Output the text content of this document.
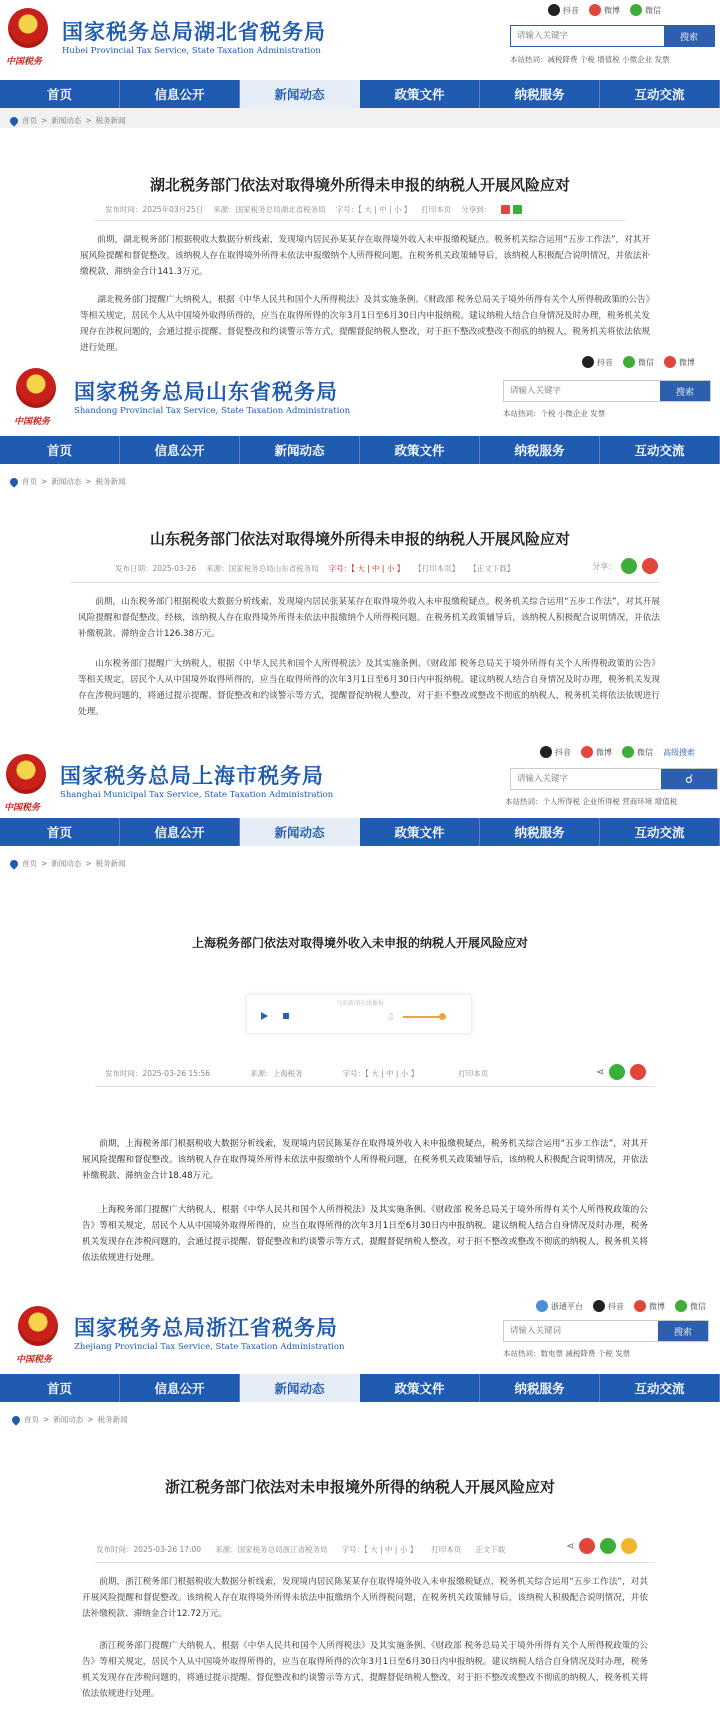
中国税务
国家税务总局湖北省税务局
Hubei Provincial Tax Service, State Taxation Administration
抖音	微博	微信
请输入关键字
搜索
本站热词：减税降费 个税 增值税 小微企业 发票
首页	信息公开	新闻动态	政策文件	纳税服务	互动交流
首页 > 新闻动态 > 税务新闻
湖北税务部门依法对取得境外所得未申报的纳税人开展风险应对
发布时间：2025年03月25日 来源：国家税务总局湖北省税务局 字号：【 大 | 中 | 小 】 打印本页 分享到：
前期，湖北税务部门根据税收大数据分析线索，发现境内居民孙某某存在取得境外收入未申报缴税疑点。税务机关综合运用“五步工作法”，对其开展风险提醒和督促整改。该纳税人存在取得境外所得未依法申报缴纳个人所得税问题。在税务机关政策辅导后，该纳税人积极配合说明情况，并依法补缴税款、滞纳金合计141.3万元。
湖北税务部门提醒广大纳税人，根据《中华人民共和国个人所得税法》及其实施条例、《财政部 税务总局关于境外所得有关个人所得税政策的公告》等相关规定，居民个人从中国境外取得所得的，应当在取得所得的次年3月1日至6月30日内申报纳税。建议纳税人结合自身情况及时办理，税务机关发现存在涉税问题的，会通过提示提醒、督促整改和约谈警示等方式，提醒督促纳税人整改，对于拒不整改或整改不彻底的纳税人，税务机关将依法依规进行处理。
中国税务
国家税务总局山东省税务局
Shandong Provincial Tax Service, State Taxation Administration
抖音	微信	微博
请输入关键字
搜索
本站热词：个税 小微企业 发票
首页	信息公开	新闻动态	政策文件	纳税服务	互动交流
首页 > 新闻动态 > 税务新闻
山东税务部门依法对取得境外所得未申报的纳税人开展风险应对
发布日期：2025-03-26 来源：国家税务总局山东省税务局 字号：【 大 | 中 | 小 】 【打印本页】 【正文下载】	分享：
前期，山东税务部门根据税收大数据分析线索，发现境内居民张某某存在取得境外收入未申报缴税疑点。税务机关综合运用“五步工作法”，对其开展风险提醒和督促整改。经核，该纳税人存在取得境外所得未依法申报缴纳个人所得税问题。在税务机关政策辅导后，该纳税人积极配合说明情况，并依法补缴税款、滞纳金合计126.38万元。
山东税务部门提醒广大纳税人，根据《中华人民共和国个人所得税法》及其实施条例、《财政部 税务总局关于境外所得有关个人所得税政策的公告》等相关规定，居民个人从中国境外取得所得的，应当在取得所得的次年3月1日至6月30日内申报纳税。建议纳税人结合自身情况及时办理，税务机关发现存在涉税问题的，将通过提示提醒、督促整改和约谈警示等方式，提醒督促纳税人整改，对于拒不整改或整改不彻底的纳税人，税务机关将依法依规进行处理。
中国税务
国家税务总局上海市税务局
Shanghai Municipal Tax Service, State Taxation Administration
抖音	微博	微信 高级搜索
请输入关键字
☌
本站热词：个人所得税 企业所得税 营商环境 增值税
首页	信息公开	新闻动态	政策文件	纳税服务	互动交流
首页 > 新闻动态 > 税务新闻
上海税务部门依法对取得境外收入未申报的纳税人开展风险应对
当前新闻在线播报
♫
发布时间：2025-03-26 15:56	来源：上海税务	字号：【 大 | 中 | 小 】	打印本页	⋖
前期，上海税务部门根据税收大数据分析线索，发现境内居民陈某存在取得境外收入未申报缴税疑点，税务机关综合运用“五步工作法”，对其开展风险提醒和督促整改。该纳税人存在取得境外所得未依法申报缴纳个人所得税问题，在税务机关政策辅导后，该纳税人积极配合说明情况，并依法补缴税款、滞纳金合计18.48万元。
上海税务部门提醒广大纳税人，根据《中华人民共和国个人所得税法》及其实施条例、《财政部 税务总局关于境外所得有关个人所得税政策的公告》等相关规定，居民个人从中国境外取得所得的，应当在取得所得的次年3月1日至6月30日内申报纳税。建议纳税人结合自身情况及时办理，税务机关发现存在涉税问题的，会通过提示提醒、督促整改和约谈警示等方式，提醒督促纳税人整改，对于拒不整改或整改不彻底的纳税人，税务机关将依法依规进行处理。
中国税务
国家税务总局浙江省税务局
Zhejiang Provincial Tax Service, State Taxation Administration
浙通平台	抖音	微博	微信
请输入关键词
搜索
本站热词：数电票 减税降费 个税 发票
首页	信息公开	新闻动态	政策文件	纳税服务	互动交流
首页 > 新闻动态 > 税务新闻
浙江税务部门依法对未申报境外所得的纳税人开展风险应对
发布时间：2025-03-26 17:00 来源：国家税务总局浙江省税务局 字号：【 大 | 中 | 小 】 打印本页 正文下载	⋖
前期，浙江税务部门根据税收大数据分析线索，发现境内居民陈某某存在取得境外收入未申报缴税疑点，税务机关综合运用“五步工作法”，对其开展风险提醒和督促整改。该纳税人存在取得境外所得未依法申报缴纳个人所得税问题，在税务机关政策辅导后，该纳税人积极配合说明情况，并依法补缴税款、滞纳金合计12.72万元。
浙江税务部门提醒广大纳税人，根据《中华人民共和国个人所得税法》及其实施条例、《财政部 税务总局关于境外所得有关个人所得税政策的公告》等相关规定，居民个人从中国境外取得所得的，应当在取得所得的次年3月1日至6月30日内申报纳税。建议纳税人结合自身情况及时办理，税务机关发现存在涉税问题的，将通过提示提醒、督促整改和约谈警示等方式，提醒督促纳税人整改，对于拒不整改或整改不彻底的纳税人，税务机关将依法依规进行处理。
